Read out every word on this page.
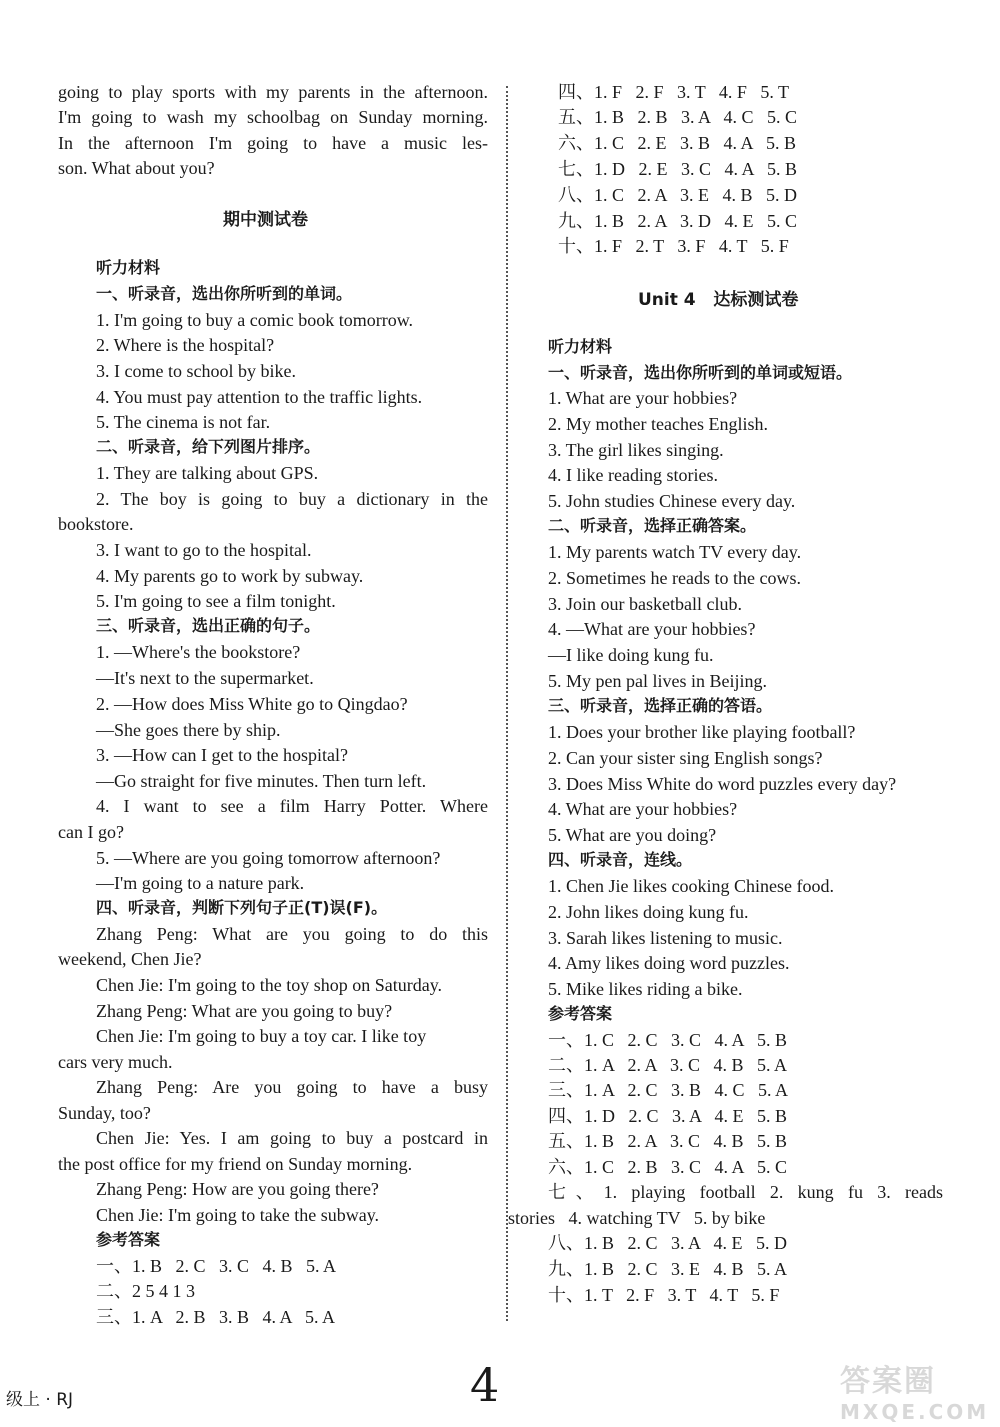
going to play sports with my parents in the afternoon.
I'm going to wash my schoolbag on Sunday morning.
In the afternoon I'm going to have a music les-
son. What about you?
期中测试卷
听力材料
一、听录音，选出你所听到的单词。
1. I'm going to buy a comic book tomorrow.
2. Where is the hospital?
3. I come to school by bike.
4. You must pay attention to the traffic lights.
5. The cinema is not far.
二、听录音，给下列图片排序。
1. They are talking about GPS.
2. The boy is going to buy a dictionary in the
bookstore.
3. I want to go to the hospital.
4. My parents go to work by subway.
5. I'm going to see a film tonight.
三、听录音，选出正确的句子。
1. —Where's the bookstore?
—It's next to the supermarket.
2. —How does Miss White go to Qingdao?
—She goes there by ship.
3. —How can I get to the hospital?
—Go straight for five minutes. Then turn left.
4. I want to see a film Harry Potter. Where
can I go?
5. —Where are you going tomorrow afternoon?
—I'm going to a nature park.
四、听录音，判断下列句子正(T)误(F)。
Zhang Peng: What are you going to do this
weekend, Chen Jie?
Chen Jie: I'm going to the toy shop on Saturday.
Zhang Peng: What are you going to buy?
Chen Jie: I'm going to buy a toy car. I like toy
cars very much.
Zhang Peng: Are you going to have a busy
Sunday, too?
Chen Jie: Yes. I am going to buy a postcard in
the post office for my friend on Sunday morning.
Zhang Peng: How are you going there?
Chen Jie: I'm going to take the subway.
参考答案
一、1. B   2. C   3. C   4. B   5. A
二、2 5 4 1 3
三、1. A   2. B   3. B   4. A   5. A
四、1. F   2. F   3. T   4. F   5. T
五、1. B   2. B   3. A   4. C   5. C
六、1. C   2. E   3. B   4. A   5. B
七、1. D   2. E   3. C   4. A   5. B
八、1. C   2. A   3. E   4. B   5. D
九、1. B   2. A   3. D   4. E   5. C
十、1. F   2. T   3. F   4. T   5. F
Unit 4   达标测试卷
听力材料
一、听录音，选出你所听到的单词或短语。
1. What are your hobbies?
2. My mother teaches English.
3. The girl likes singing.
4. I like reading stories.
5. John studies Chinese every day.
二、听录音，选择正确答案。
1. My parents watch TV every day.
2. Sometimes he reads to the cows.
3. Join our basketball club.
4. —What are your hobbies?
—I like doing kung fu.
5. My pen pal lives in Beijing.
三、听录音，选择正确的答语。
1. Does your brother like playing football?
2. Can your sister sing English songs?
3. Does Miss White do word puzzles every day?
4. What are your hobbies?
5. What are you doing?
四、听录音，连线。
1. Chen Jie likes cooking Chinese food.
2. John likes doing kung fu.
3. Sarah likes listening to music.
4. Amy likes doing word puzzles.
5. Mike likes riding a bike.
参考答案
一、1. C   2. C   3. C   4. A   5. B
二、1. A   2. A   3. C   4. B   5. A
三、1. A   2. C   3. B   4. C   5. A
四、1. D   2. C   3. A   4. E   5. B
五、1. B   2. A   3. C   4. B   5. B
六、1. C   2. B   3. C   4. A   5. C
七、1. playing football 2. kung fu 3. reads
stories   4. watching TV   5. by bike
八、1. B   2. C   3. A   4. E   5. D
九、1. B   2. C   3. E   4. B   5. A
十、1. T   2. F   3. T   4. T   5. F
级上 · RJ	4	答案圈
MXQE.COM
